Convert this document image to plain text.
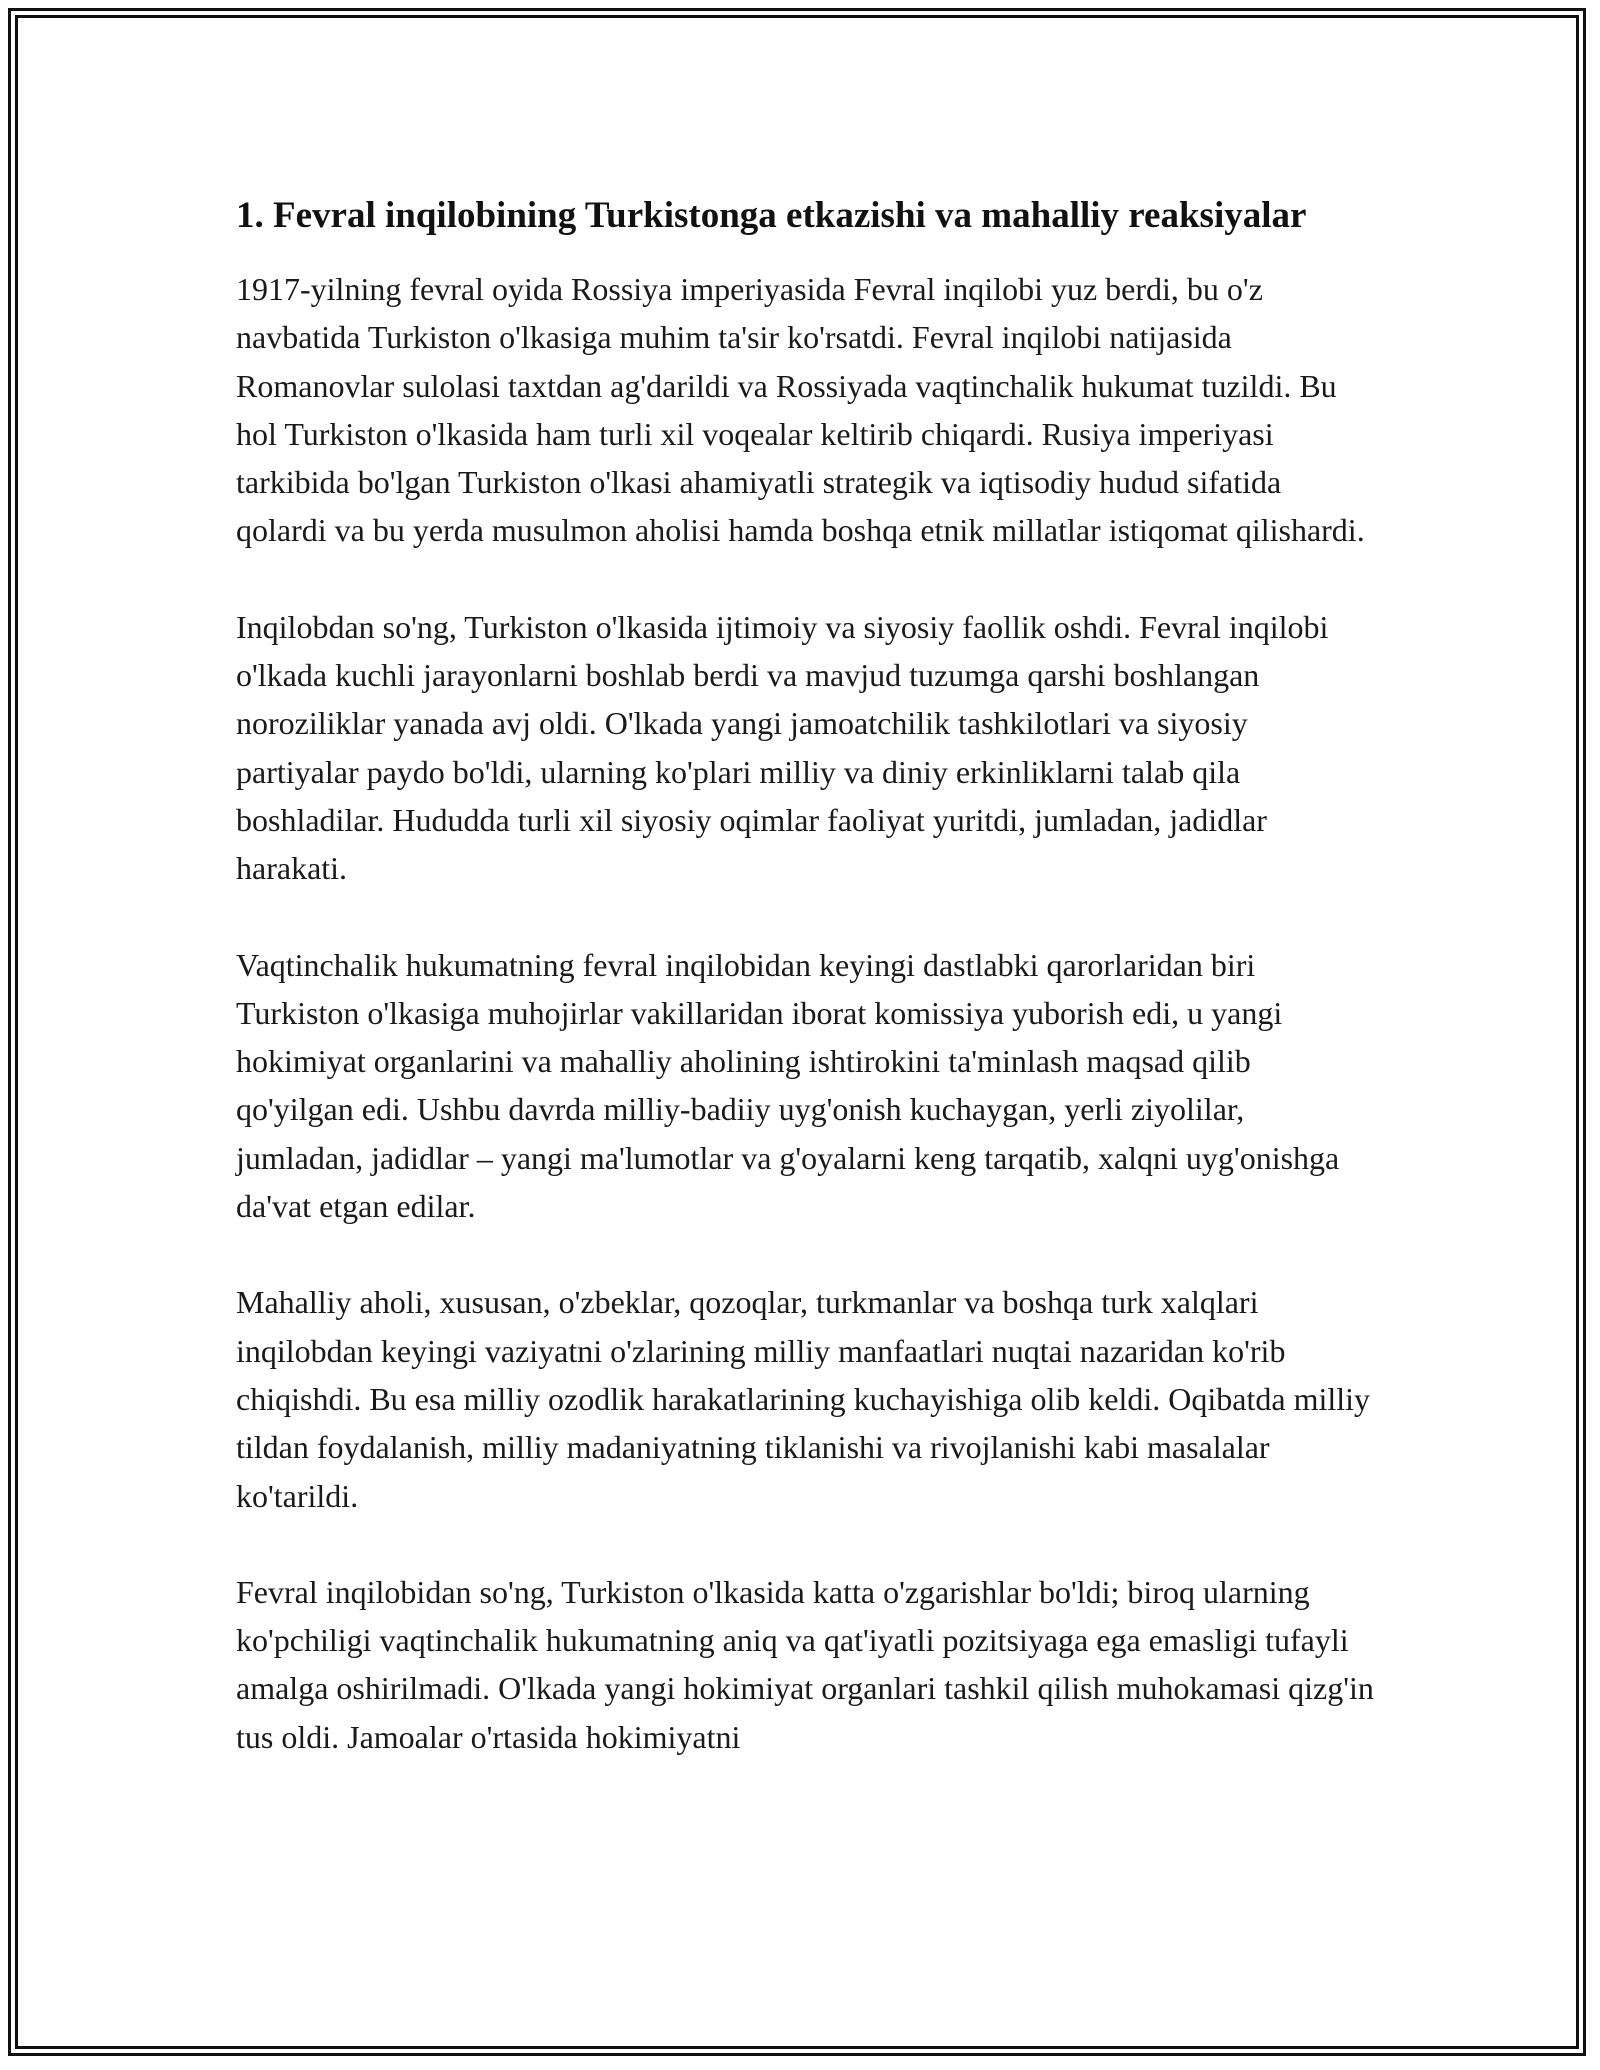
1. Fevral inqilobining Turkistonga etkazishi va mahalliy reaksiyalar

1917-yilning fevral oyida Rossiya imperiyasida Fevral inqilobi yuz berdi, bu o'z navbatida Turkiston o'lkasiga muhim ta'sir ko'rsatdi. Fevral inqilobi natijasida Romanovlar sulolasi taxtdan ag'darildi va Rossiyada vaqtinchalik hukumat tuzildi. Bu hol Turkiston o'lkasida ham turli xil voqealar keltirib chiqardi. Rusiya imperiyasi tarkibida bo'lgan Turkiston o'lkasi ahamiyatli strategik va iqtisodiy hudud sifatida qolardi va bu yerda musulmon aholisi hamda boshqa etnik millatlar istiqomat qilishardi.

Inqilobdan so'ng, Turkiston o'lkasida ijtimoiy va siyosiy faollik oshdi. Fevral inqilobi o'lkada kuchli jarayonlarni boshlab berdi va mavjud tuzumga qarshi boshlangan noroziliklar yanada avj oldi. O'lkada yangi jamoatchilik tashkilotlari va siyosiy partiyalar paydo bo'ldi, ularning ko'plari milliy va diniy erkinliklarni talab qila boshladilar. Hududda turli xil siyosiy oqimlar faoliyat yuritdi, jumladan, jadidlar harakati.

Vaqtinchalik hukumatning fevral inqilobidan keyingi dastlabki qarorlaridan biri Turkiston o'lkasiga muhojirlar vakillaridan iborat komissiya yuborish edi, u yangi hokimiyat organlarini va mahalliy aholining ishtirokini ta'minlash maqsad qilib qo'yilgan edi. Ushbu davrda milliy-badiiy uyg'onish kuchaygan, yerli ziyolilar, jumladan, jadidlar – yangi ma'lumotlar va g'oyalarni keng tarqatib, xalqni uyg'onishga da'vat etgan edilar.

Mahalliy aholi, xususan, o'zbeklar, qozoqlar, turkmanlar va boshqa turk xalqlari inqilobdan keyingi vaziyatni o'zlarining milliy manfaatlari nuqtai nazaridan ko'rib chiqishdi. Bu esa milliy ozodlik harakatlarining kuchayishiga olib keldi. Oqibatda milliy tildan foydalanish, milliy madaniyatning tiklanishi va rivojlanishi kabi masalalar ko'tarildi.

Fevral inqilobidan so'ng, Turkiston o'lkasida katta o'zgarishlar bo'ldi; biroq ularning ko'pchiligi vaqtinchalik hukumatning aniq va qat'iyatli pozitsiyaga ega emasligi tufayli amalga oshirilmadi. O'lkada yangi hokimiyat organlari tashkil qilish muhokamasi qizg'in tus oldi. Jamoalar o'rtasida hokimiyatni
